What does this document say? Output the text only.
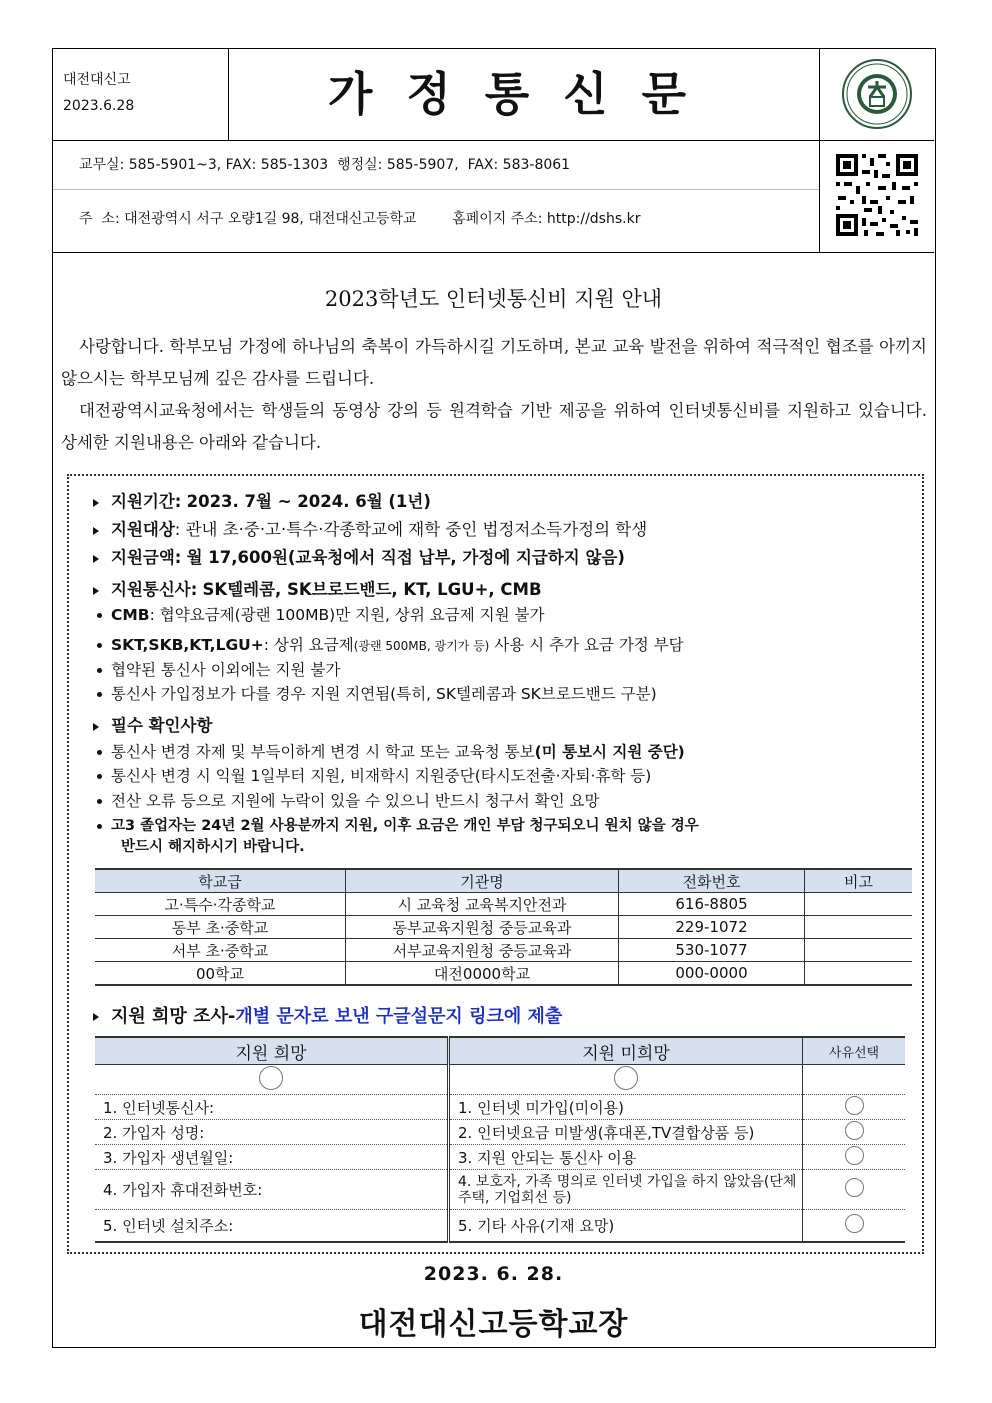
대전대신고
2023.6.28	가정통신문
교무실: 585-5901~3, FAX: 585-1303  행정실: 585-5907,  FAX: 583-8061
주  소: 대전광역시 서구 오량1길 98, 대전대신고등학교	홈페이지 주소: http://dshs.kr
2023학년도 인터넷통신비 지원 안내
사랑합니다. 학부모님 가정에 하나님의 축복이 가득하시길 기도하며, 본교 교육 발전을 위하여 적극적인 협조를 아끼지 않으시는 학부모님께 깊은 감사를 드립니다.
대전광역시교육청에서는 학생들의 동영상 강의 등 원격학습 기반 제공을 위하여 인터넷통신비를 지원하고 있습니다. 상세한 지원내용은 아래와 같습니다.
지원기간: 2023. 7월 ~ 2024. 6월 (1년)
지원대상: 관내 초·중·고·특수·각종학교에 재학 중인 법정저소득가정의 학생
지원금액: 월 17,600원(교육청에서 직접 납부, 가정에 지급하지 않음)
지원통신사: SK텔레콤, SK브로드밴드, KT, LGU+, CMB
CMB: 협약요금제(광랜 100MB)만 지원, 상위 요금제 지원 불가
SKT,SKB,KT,LGU+: 상위 요금제(광랜 500MB, 광기가 등) 사용 시 추가 요금 가정 부담
협약된 통신사 이외에는 지원 불가
통신사 가입정보가 다를 경우 지원 지연됨(특히, SK텔레콤과 SK브로드밴드 구분)
필수 확인사항
통신사 변경 자제 및 부득이하게 변경 시 학교 또는 교육청 통보(미 통보시 지원 중단)
통신사 변경 시 익월 1일부터 지원, 비재학시 지원중단(타시도전출·자퇴·휴학 등)
전산 오류 등으로 지원에 누락이 있을 수 있으니 반드시 청구서 확인 요망
고3 졸업자는 24년 2월 사용분까지 지원, 이후 요금은 개인 부담 청구되오니 원치 않을 경우
반드시 해지하시기 바랍니다.
학교급	기관명	전화번호	비고
고·특수·각종학교	시 교육청 교육복지안전과	616-8805	
동부 초·중학교	동부교육지원청 중등교육과	229-1072	
서부 초·중학교	서부교육지원청 중등교육과	530-1077	
00학교	대전0000학교	000-0000	
지원 희망 조사-개별 문자로 보낸 구글설문지 링크에 제출
지원 희망	지원 미희망	사유선택

1. 인터넷통신사:	1. 인터넷 미가입(미이용)	
2. 가입자 성명:	2. 인터넷요금 미발생(휴대폰,TV결합상품 등)	
3. 가입자 생년월일:	3. 지원 안되는 통신사 이용	
4. 가입자 휴대전화번호:	4. 보호자, 가족 명의로 인터넷 가입을 하지 않았음(단체주택, 기업회선 등)	
5. 인터넷 설치주소:	5. 기타 사유(기재 요망)	
2023. 6. 28.
대전대신고등학교장
